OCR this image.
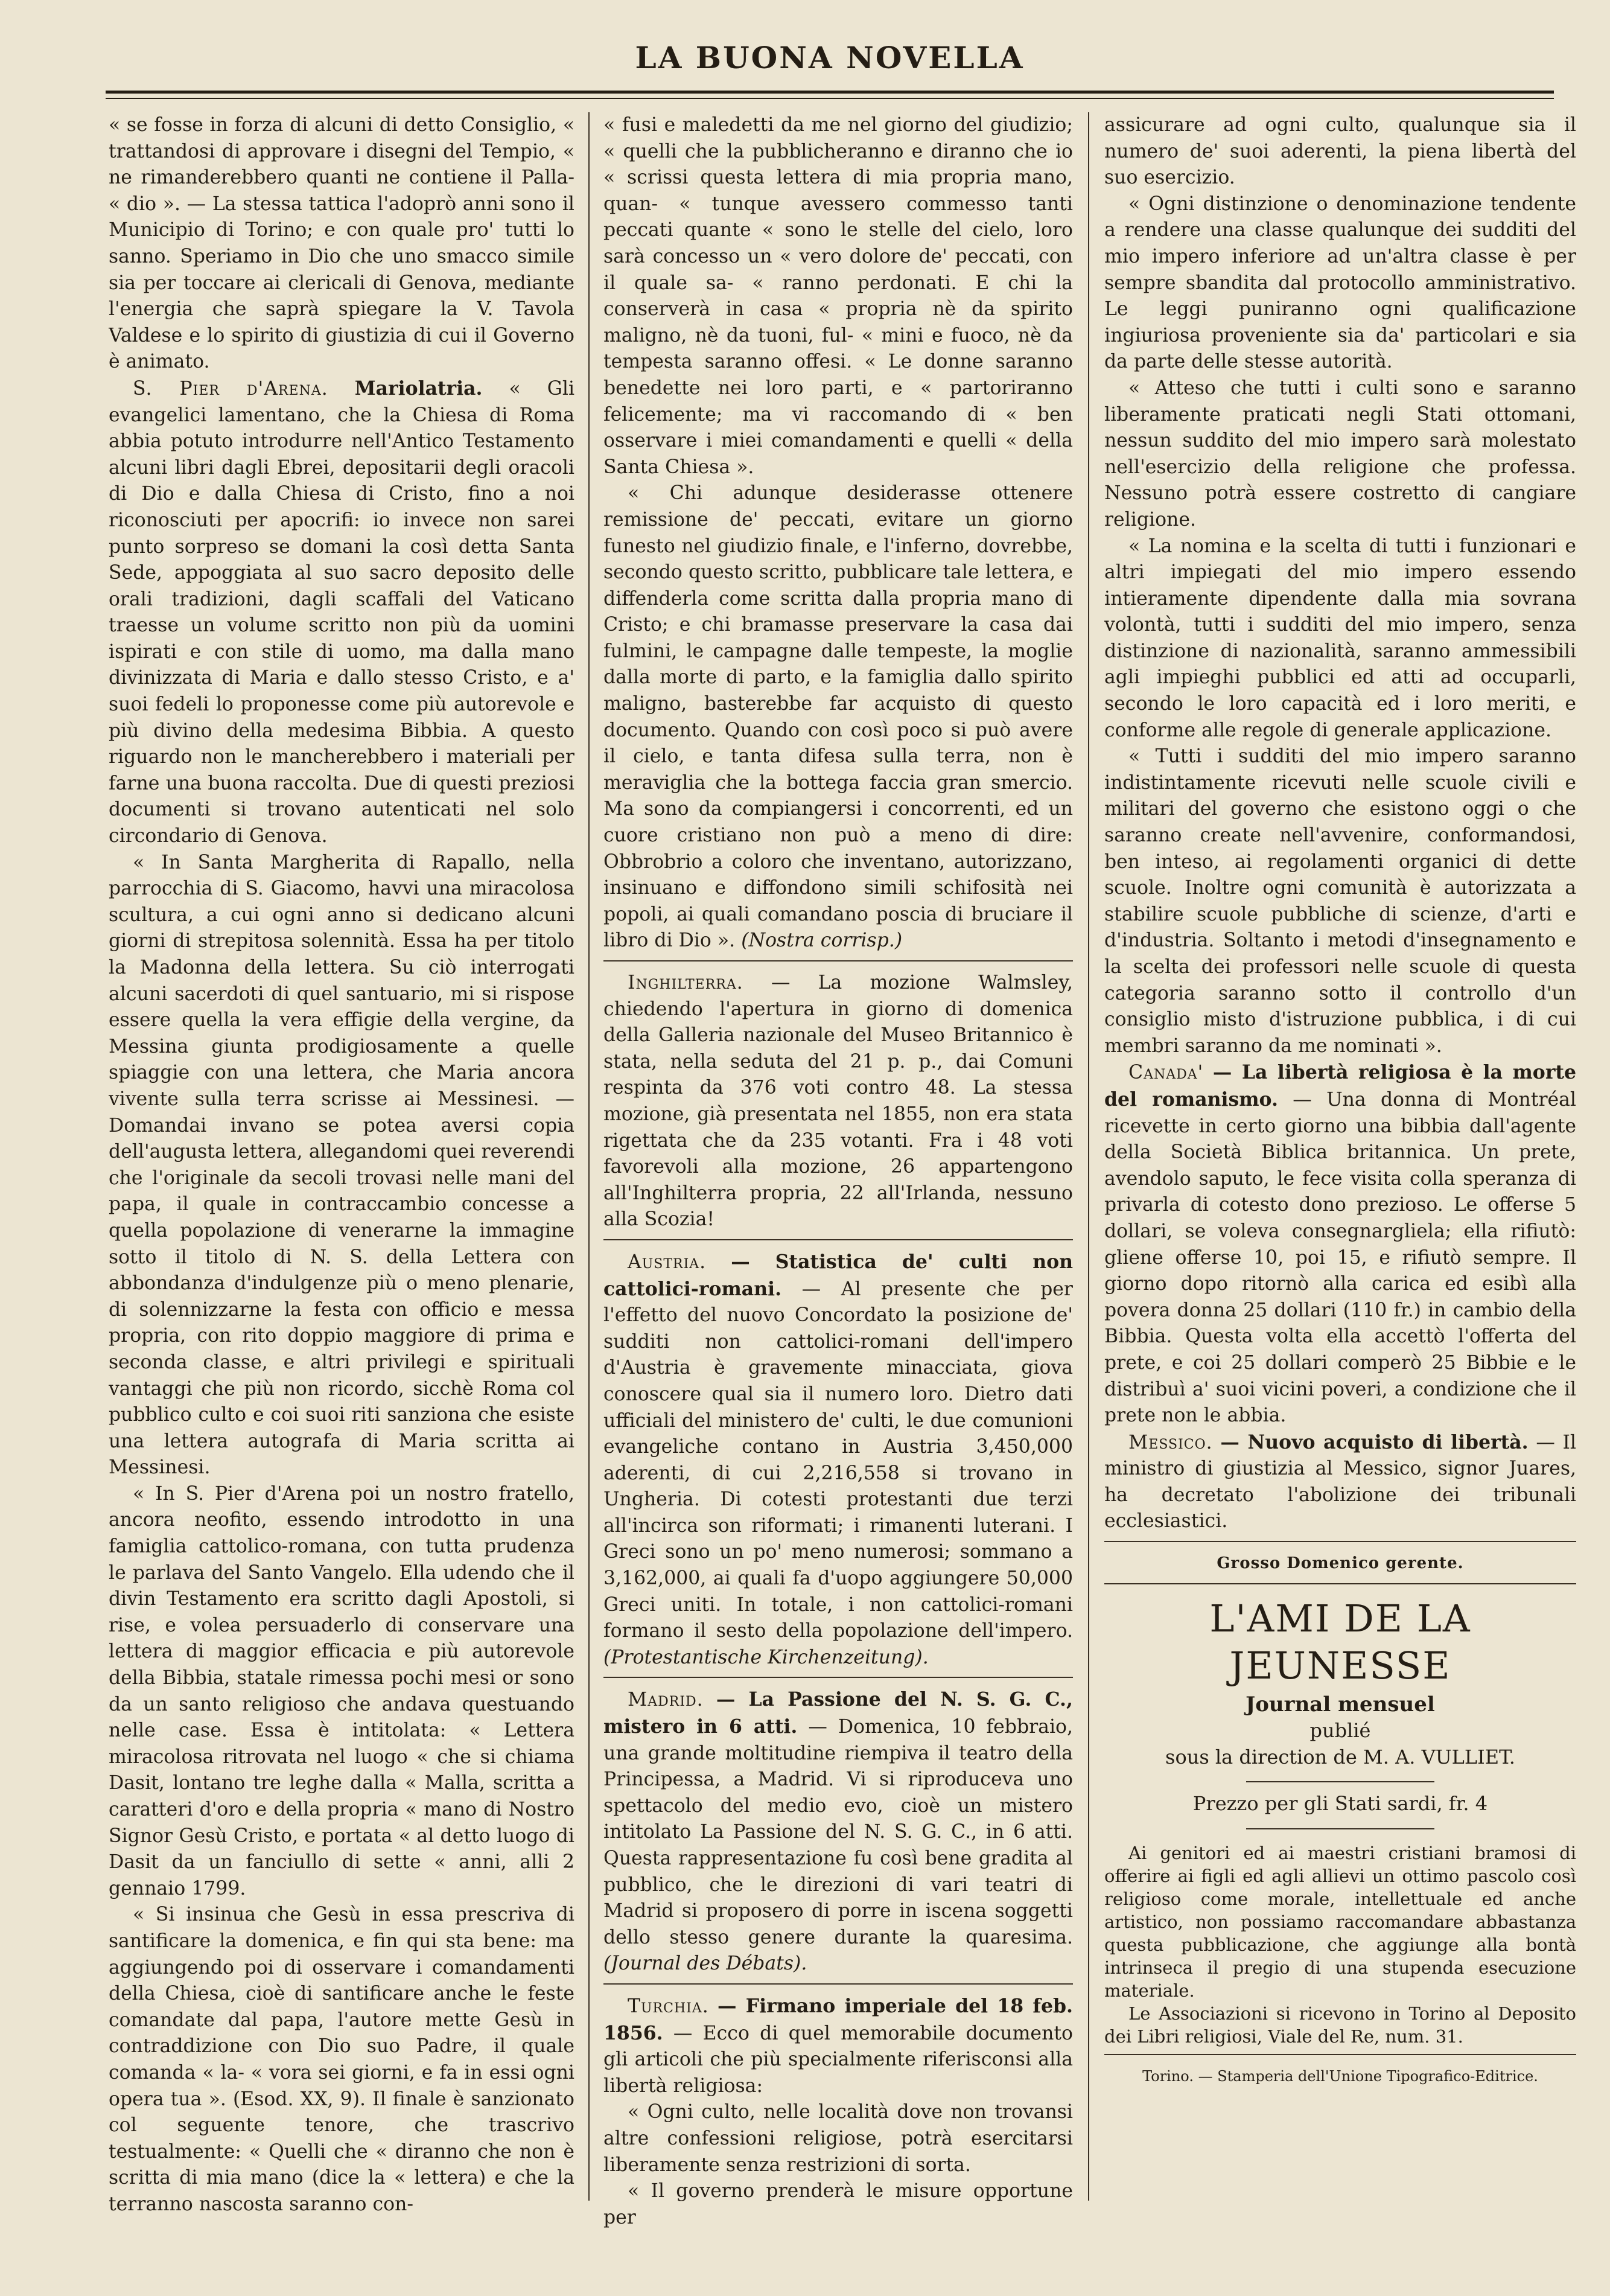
LA BUONA NOVELLA

« se fosse in forza di alcuni di detto Consiglio, « trattandosi di approvare i disegni del Tempio, « ne rimanderebbero quanti ne contiene il Palla- « dio ». — La stessa tattica l'adoprò anni sono il Municipio di Torino; e con quale pro' tutti lo sanno. Speriamo in Dio che uno smacco simile sia per toccare ai clericali di Genova, mediante l'energia che saprà spiegare la V. Tavola Valdese e lo spirito di giustizia di cui il Governo è animato.

S. Pier d'Arena. Mariolatria. « Gli evangelici lamentano, che la Chiesa di Roma abbia potuto introdurre nell'Antico Testamento alcuni libri dagli Ebrei, depositarii degli oracoli di Dio e dalla Chiesa di Cristo, fino a noi riconosciuti per apocrifi: io invece non sarei punto sorpreso se domani la così detta Santa Sede, appoggiata al suo sacro deposito delle orali tradizioni, dagli scaffali del Vaticano traesse un volume scritto non più da uomini ispirati e con stile di uomo, ma dalla mano divinizzata di Maria e dallo stesso Cristo, e a' suoi fedeli lo proponesse come più autorevole e più divino della medesima Bibbia. A questo riguardo non le mancherebbero i materiali per farne una buona raccolta. Due di questi preziosi documenti si trovano autenticati nel solo circondario di Genova.

« In Santa Margherita di Rapallo, nella parrocchia di S. Giacomo, havvi una miracolosa scultura, a cui ogni anno si dedicano alcuni giorni di strepitosa solennità. Essa ha per titolo la Madonna della lettera. Su ciò interrogati alcuni sacerdoti di quel santuario, mi si rispose essere quella la vera effigie della vergine, da Messina giunta prodigiosamente a quelle spiaggie con una lettera, che Maria ancora vivente sulla terra scrisse ai Messinesi. — Domandai invano se potea aversi copia dell'augusta lettera, allegandomi quei reverendi che l'originale da secoli trovasi nelle mani del papa, il quale in contraccambio concesse a quella popolazione di venerarne la immagine sotto il titolo di N. S. della Lettera con abbondanza d'indulgenze più o meno plenarie, di solennizzarne la festa con officio e messa propria, con rito doppio maggiore di prima e seconda classe, e altri privilegi e spirituali vantaggi che più non ricordo, sicchè Roma col pubblico culto e coi suoi riti sanziona che esiste una lettera autografa di Maria scritta ai Messinesi.

« In S. Pier d'Arena poi un nostro fratello, ancora neofito, essendo introdotto in una famiglia cattolico-romana, con tutta prudenza le parlava del Santo Vangelo. Ella udendo che il divin Testamento era scritto dagli Apostoli, si rise, e volea persuaderlo di conservare una lettera di maggior efficacia e più autorevole della Bibbia, statale rimessa pochi mesi or sono da un santo religioso che andava questuando nelle case. Essa è intitolata: « Lettera miracolosa ritrovata nel luogo « che si chiama Dasit, lontano tre leghe dalla « Malla, scritta a caratteri d'oro e della propria « mano di Nostro Signor Gesù Cristo, e portata « al detto luogo di Dasit da un fanciullo di sette « anni, alli 2 gennaio 1799.

« Si insinua che Gesù in essa prescriva di santificare la domenica, e fin qui sta bene: ma aggiungendo poi di osservare i comandamenti della Chiesa, cioè di santificare anche le feste comandate dal papa, l'autore mette Gesù in contraddizione con Dio suo Padre, il quale comanda « la- « vora sei giorni, e fa in essi ogni opera tua ». (Esod. XX, 9). Il finale è sanzionato col seguente tenore, che trascrivo testualmente: « Quelli che « diranno che non è scritta di mia mano (dice la « lettera) e che la terranno nascosta saranno con-

« fusi e maledetti da me nel giorno del giudizio; « quelli che la pubblicheranno e diranno che io « scrissi questa lettera di mia propria mano, quan- « tunque avessero commesso tanti peccati quante « sono le stelle del cielo, loro sarà concesso un « vero dolore de' peccati, con il quale sa- « ranno perdonati. E chi la conserverà in casa « propria nè da spirito maligno, nè da tuoni, ful- « mini e fuoco, nè da tempesta saranno offesi. « Le donne saranno benedette nei loro parti, e « partoriranno felicemente; ma vi raccomando di « ben osservare i miei comandamenti e quelli « della Santa Chiesa ».

« Chi adunque desiderasse ottenere remissione de' peccati, evitare un giorno funesto nel giudizio finale, e l'inferno, dovrebbe, secondo questo scritto, pubblicare tale lettera, e diffenderla come scritta dalla propria mano di Cristo; e chi bramasse preservare la casa dai fulmini, le campagne dalle tempeste, la moglie dalla morte di parto, e la famiglia dallo spirito maligno, basterebbe far acquisto di questo documento. Quando con così poco si può avere il cielo, e tanta difesa sulla terra, non è meraviglia che la bottega faccia gran smercio. Ma sono da compiangersi i concorrenti, ed un cuore cristiano non può a meno di dire: Obbrobrio a coloro che inventano, autorizzano, insinuano e diffondono simili schifosità nei popoli, ai quali comandano poscia di bruciare il libro di Dio ». (Nostra corrisp.)

Inghilterra. — La mozione Walmsley, chiedendo l'apertura in giorno di domenica della Galleria nazionale del Museo Britannico è stata, nella seduta del 21 p. p., dai Comuni respinta da 376 voti contro 48. La stessa mozione, già presentata nel 1855, non era stata rigettata che da 235 votanti. Fra i 48 voti favorevoli alla mozione, 26 appartengono all'Inghilterra propria, 22 all'Irlanda, nessuno alla Scozia!

Austria. — Statistica de' culti non cattolici-romani. — Al presente che per l'effetto del nuovo Concordato la posizione de' sudditi non cattolici-romani dell'impero d'Austria è gravemente minacciata, giova conoscere qual sia il numero loro. Dietro dati ufficiali del ministero de' culti, le due comunioni evangeliche contano in Austria 3,450,000 aderenti, di cui 2,216,558 si trovano in Ungheria. Di cotesti protestanti due terzi all'incirca son riformati; i rimanenti luterani. I Greci sono un po' meno numerosi; sommano a 3,162,000, ai quali fa d'uopo aggiungere 50,000 Greci uniti. In totale, i non cattolici-romani formano il sesto della popolazione dell'impero. (Protestantische Kirchenzeitung).

Madrid. — La Passione del N. S. G. C., mistero in 6 atti. — Domenica, 10 febbraio, una grande moltitudine riempiva il teatro della Principessa, a Madrid. Vi si riproduceva uno spettacolo del medio evo, cioè un mistero intitolato La Passione del N. S. G. C., in 6 atti. Questa rappresentazione fu così bene gradita al pubblico, che le direzioni di vari teatri di Madrid si proposero di porre in iscena soggetti dello stesso genere durante la quaresima. (Journal des Débats).

Turchia. — Firmano imperiale del 18 feb. 1856. — Ecco di quel memorabile documento gli articoli che più specialmente riferisconsi alla libertà religiosa:

« Ogni culto, nelle località dove non trovansi altre confessioni religiose, potrà esercitarsi liberamente senza restrizioni di sorta.

« Il governo prenderà le misure opportune per

assicurare ad ogni culto, qualunque sia il numero de' suoi aderenti, la piena libertà del suo esercizio.

« Ogni distinzione o denominazione tendente a rendere una classe qualunque dei sudditi del mio impero inferiore ad un'altra classe è per sempre sbandita dal protocollo amministrativo. Le leggi puniranno ogni qualificazione ingiuriosa proveniente sia da' particolari e sia da parte delle stesse autorità.

« Atteso che tutti i culti sono e saranno liberamente praticati negli Stati ottomani, nessun suddito del mio impero sarà molestato nell'esercizio della religione che professa. Nessuno potrà essere costretto di cangiare religione.

« La nomina e la scelta di tutti i funzionari e altri impiegati del mio impero essendo intieramente dipendente dalla mia sovrana volontà, tutti i sudditi del mio impero, senza distinzione di nazionalità, saranno ammessibili agli impieghi pubblici ed atti ad occuparli, secondo le loro capacità ed i loro meriti, e conforme alle regole di generale applicazione.

« Tutti i sudditi del mio impero saranno indistintamente ricevuti nelle scuole civili e militari del governo che esistono oggi o che saranno create nell'avvenire, conformandosi, ben inteso, ai regolamenti organici di dette scuole. Inoltre ogni comunità è autorizzata a stabilire scuole pubbliche di scienze, d'arti e d'industria. Soltanto i metodi d'insegnamento e la scelta dei professori nelle scuole di questa categoria saranno sotto il controllo d'un consiglio misto d'istruzione pubblica, i di cui membri saranno da me nominati ».

Canada' — La libertà religiosa è la morte del romanismo. — Una donna di Montréal ricevette in certo giorno una bibbia dall'agente della Società Biblica britannica. Un prete, avendolo saputo, le fece visita colla speranza di privarla di cotesto dono prezioso. Le offerse 5 dollari, se voleva consegnargliela; ella rifiutò: gliene offerse 10, poi 15, e rifiutò sempre. Il giorno dopo ritornò alla carica ed esibì alla povera donna 25 dollari (110 fr.) in cambio della Bibbia. Questa volta ella accettò l'offerta del prete, e coi 25 dollari comperò 25 Bibbie e le distribuì a' suoi vicini poveri, a condizione che il prete non le abbia.

Messico. — Nuovo acquisto di libertà. — Il ministro di giustizia al Messico, signor Juares, ha decretato l'abolizione dei tribunali ecclesiastici.

Grosso Domenico gerente.
L'AMI DE LA JEUNESSE
Journal mensuel
publié
sous la direction de M. A. VULLIET.
Prezzo per gli Stati sardi, fr. 4

Ai genitori ed ai maestri cristiani bramosi di offerire ai figli ed agli allievi un ottimo pascolo così religioso come morale, intellettuale ed anche artistico, non possiamo raccomandare abbastanza questa pubblicazione, che aggiunge alla bontà intrinseca il pregio di una stupenda esecuzione materiale.

Le Associazioni si ricevono in Torino al Deposito dei Libri religiosi, Viale del Re, num. 31.

Torino. — Stamperia dell'Unione Tipografico-Editrice.
